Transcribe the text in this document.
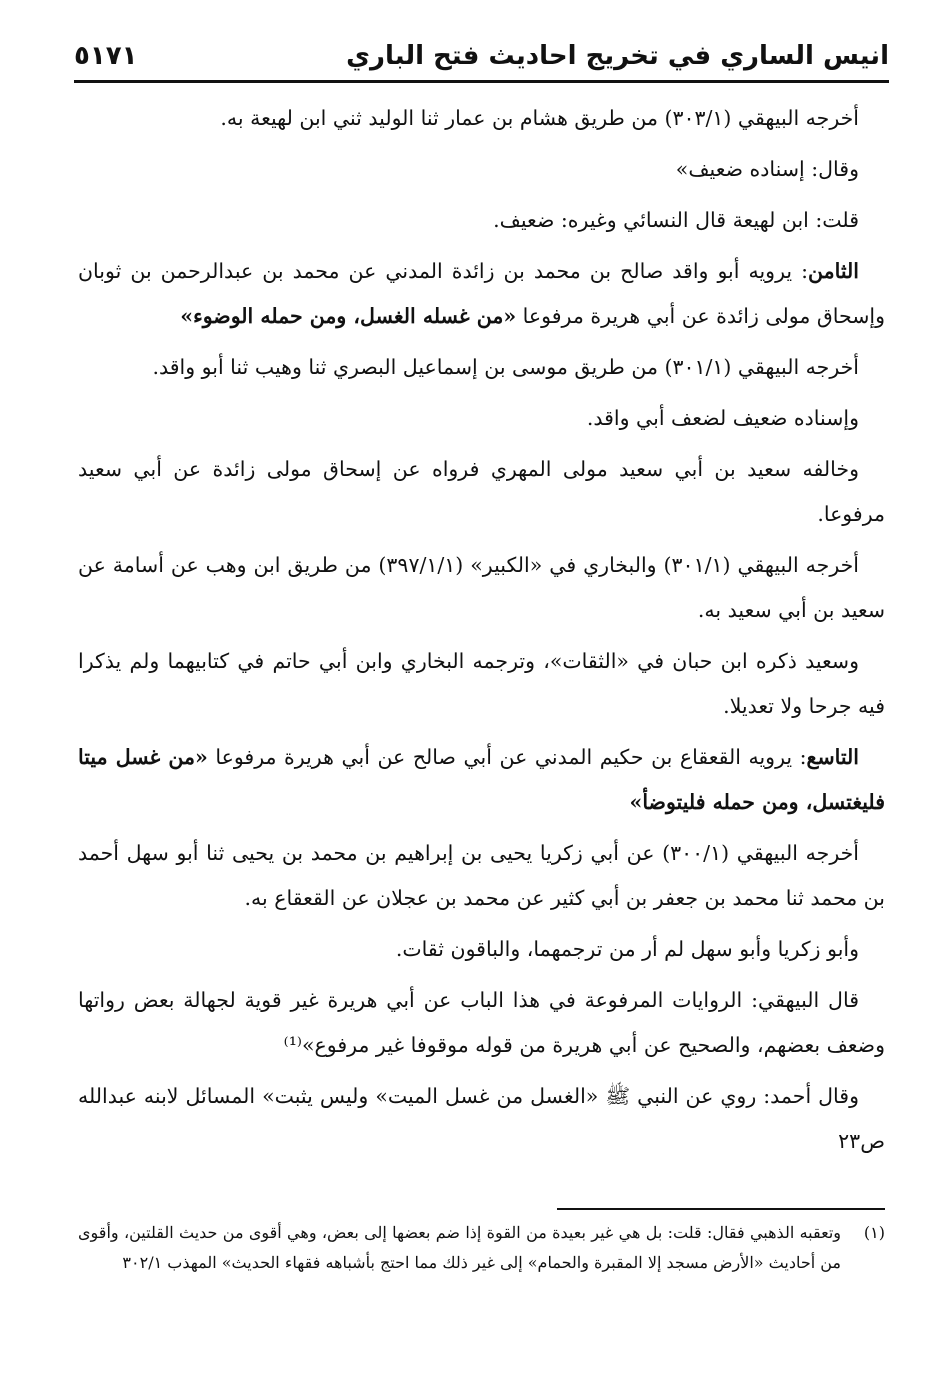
انيس الساري في تخريج احاديث فتح الباري
٥١٧١

أخرجه البيهقي (٣٠٣/١) من طريق هشام بن عمار ثنا الوليد ثني ابن لهيعة به.

وقال: إسناده ضعيف»

قلت: ابن لهيعة قال النسائي وغيره: ضعيف.

الثامن: يرويه أبو واقد صالح بن محمد بن زائدة المدني عن محمد بن عبدالرحمن بن ثوبان وإسحاق مولى زائدة عن أبي هريرة مرفوعا «من غسله الغسل، ومن حمله الوضوء»

أخرجه البيهقي (٣٠١/١) من طريق موسى بن إسماعيل البصري ثنا وهيب ثنا أبو واقد.

وإسناده ضعيف لضعف أبي واقد.

وخالفه سعيد بن أبي سعيد مولى المهري فرواه عن إسحاق مولى زائدة عن أبي سعيد مرفوعا.

أخرجه البيهقي (٣٠١/١) والبخاري في «الكبير» (٣٩٧/١/١) من طريق ابن وهب عن أسامة عن سعيد بن أبي سعيد به.

وسعيد ذكره ابن حبان في «الثقات»، وترجمه البخاري وابن أبي حاتم في كتابيهما ولم يذكرا فيه جرحا ولا تعديلا.

التاسع: يرويه القعقاع بن حكيم المدني عن أبي صالح عن أبي هريرة مرفوعا «من غسل ميتا فليغتسل، ومن حمله فليتوضأ»

أخرجه البيهقي (٣٠٠/١) عن أبي زكريا يحيى بن إبراهيم بن محمد بن يحيى ثنا أبو سهل أحمد بن محمد ثنا محمد بن جعفر بن أبي كثير عن محمد بن عجلان عن القعقاع به.

وأبو زكريا وأبو سهل لم أر من ترجمهما، والباقون ثقات.

قال البيهقي: الروايات المرفوعة في هذا الباب عن أبي هريرة غير قوية لجهالة بعض رواتها وضعف بعضهم، والصحيح عن أبي هريرة من قوله موقوفا غير مرفوع»⁽¹⁾

وقال أحمد: روي عن النبي ﷺ «الغسل من غسل الميت» وليس يثبت» المسائل لابنه عبدالله ص٢٣

(١)
وتعقبه الذهبي فقال: قلت: بل هي غير بعيدة من القوة إذا ضم بعضها إلى بعض، وهي أقوى من حديث القلتين، وأقوى من أحاديث «الأرض مسجد إلا المقبرة والحمام» إلى غير ذلك مما احتج بأشباهه فقهاء الحديث» المهذب ٣٠٢/١
